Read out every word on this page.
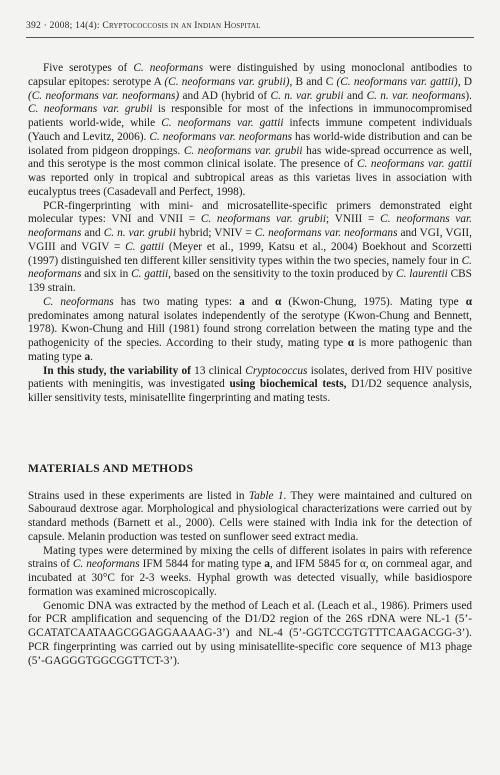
392 · 2008; 14(4): Cryptococcosis in an Indian Hospital

Five serotypes of C. neoformans were distinguished by using monoclonal antibodies to capsular epitopes: serotype A (C. neoformans var. grubii), B and C (C. neoformans var. gattii), D (C. neoformans var. neoformans) and AD (hybrid of C. n. var. grubii and C. n. var. neoformans). C. neoformans var. grubii is responsible for most of the infections in immunocompromised patients world-wide, while C. neoformans var. gattii infects immune competent individuals (Yauch and Levitz, 2006). C. neoformans var. neoformans has world-wide distribution and can be isolated from pidgeon droppings. C. neoformans var. grubii has wide-spread occurrence as well, and this serotype is the most common clinical isolate. The presence of C. neoformans var. gattii was reported only in tropical and subtropical areas as this varietas lives in association with eucalyptus trees (Casadevall and Perfect, 1998).

PCR-fingerprinting with mini- and microsatellite-specific primers demonstrated eight molecular types: VNI and VNII = C. neoformans var. grubii; VNIII = C. neoformans var. neoformans and C. n. var. grubii hybrid; VNIV = C. neoformans var. neoformans and VGI, VGII, VGIII and VGIV = C. gattii (Meyer et al., 1999, Katsu et al., 2004) Boekhout and Scorzetti (1997) distinguished ten different killer sensitivity types within the two species, namely four in C. neoformans and six in C. gattii, based on the sensitivity to the toxin produced by C. laurentii CBS 139 strain.

C. neoformans has two mating types: a and α (Kwon-Chung, 1975). Mating type α predominates among natural isolates independently of the serotype (Kwon-Chung and Bennett, 1978). Kwon-Chung and Hill (1981) found strong correlation between the mating type and the pathogenicity of the species. According to their study, mating type α is more pathogenic than mating type a.

In this study, the variability of 13 clinical Cryptococcus isolates, derived from HIV positive patients with meningitis, was investigated using biochemical tests, D1/D2 sequence analysis, killer sensitivity tests, minisatellite fingerprinting and mating tests.

MATERIALS AND METHODS

Strains used in these experiments are listed in Table 1. They were maintained and cultured on Sabouraud dextrose agar. Morphological and physiological characterizations were carried out by standard methods (Barnett et al., 2000). Cells were stained with India ink for the detection of capsule. Melanin production was tested on sunflower seed extract media.

Mating types were determined by mixing the cells of different isolates in pairs with reference strains of C. neoformans IFM 5844 for mating type a, and IFM 5845 for α, on cornmeal agar, and incubated at 30°C for 2-3 weeks. Hyphal growth was detected visually, while basidiospore formation was examined microscopically.

Genomic DNA was extracted by the method of Leach et al. (Leach et al., 1986). Primers used for PCR amplification and sequencing of the D1/D2 region of the 26S rDNA were NL-1 (5’-GCATATCAATAAGCGGAGGAAAAG-3’) and NL-4 (5’-GGTCCGTGTTTCAAGACGG-3’). PCR fingerprinting was carried out by using minisatellite-specific core sequence of M13 phage (5’-GAGGGTGGCGGTTCT-3’).
